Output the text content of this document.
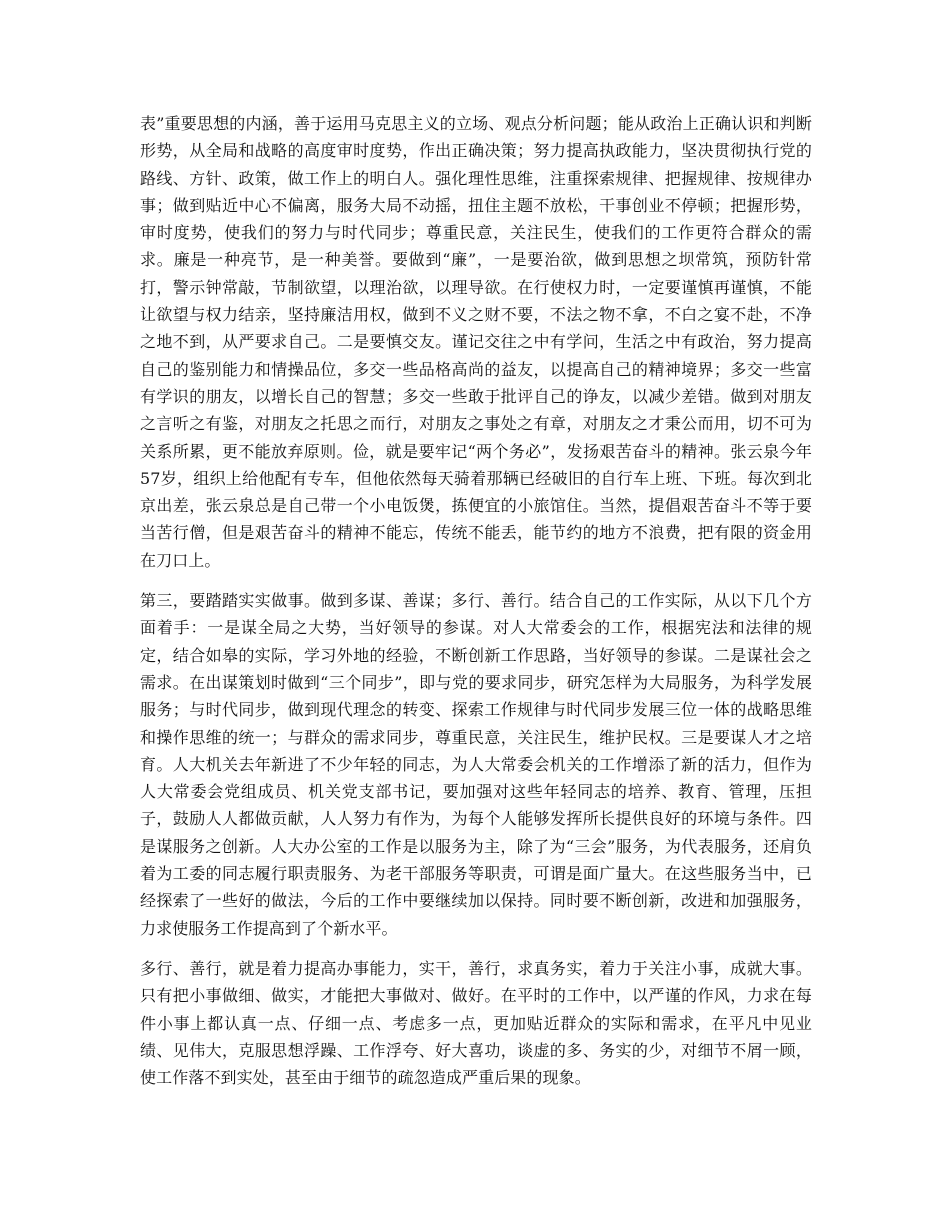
表”重要思想的内涵，善于运用马克思主义的立场、观点分析问题；能从政治上正确认识和判断形势，从全局和战略的高度审时度势，作出正确决策；努力提高执政能力，坚决贯彻执行党的路线、方针、政策，做工作上的明白人。强化理性思维，注重探索规律、把握规律、按规律办事；做到贴近中心不偏离，服务大局不动摇，扭住主题不放松，干事创业不停顿；把握形势，审时度势，使我们的努力与时代同步；尊重民意，关注民生，使我们的工作更符合群众的需求。廉是一种亮节，是一种美誉。要做到“廉”，一是要治欲，做到思想之坝常筑，预防针常打，警示钟常敲，节制欲望，以理治欲，以理导欲。在行使权力时，一定要谨慎再谨慎，不能让欲望与权力结亲，坚持廉洁用权，做到不义之财不要，不法之物不拿，不白之宴不赴，不净之地不到，从严要求自己。二是要慎交友。谨记交往之中有学问，生活之中有政治，努力提高自己的鉴别能力和情操品位，多交一些品格高尚的益友，以提高自己的精神境界；多交一些富有学识的朋友，以增长自己的智慧；多交一些敢于批评自己的诤友，以减少差错。做到对朋友之言听之有鉴，对朋友之托思之而行，对朋友之事处之有章，对朋友之才秉公而用，切不可为关系所累，更不能放弃原则。俭，就是要牢记“两个务必”，发扬艰苦奋斗的精神。张云泉今年57岁，组织上给他配有专车，但他依然每天骑着那辆已经破旧的自行车上班、下班。每次到北京出差，张云泉总是自己带一个小电饭煲，拣便宜的小旅馆住。当然，提倡艰苦奋斗不等于要当苦行僧，但是艰苦奋斗的精神不能忘，传统不能丢，能节约的地方不浪费，把有限的资金用在刀口上。

第三，要踏踏实实做事。做到多谋、善谋；多行、善行。结合自己的工作实际，从以下几个方面着手：一是谋全局之大势，当好领导的参谋。对人大常委会的工作，根据宪法和法律的规定，结合如皋的实际，学习外地的经验，不断创新工作思路，当好领导的参谋。二是谋社会之需求。在出谋策划时做到“三个同步”，即与党的要求同步，研究怎样为大局服务，为科学发展服务；与时代同步，做到现代理念的转变、探索工作规律与时代同步发展三位一体的战略思维和操作思维的统一；与群众的需求同步，尊重民意，关注民生，维护民权。三是要谋人才之培育。人大机关去年新进了不少年轻的同志，为人大常委会机关的工作增添了新的活力，但作为人大常委会党组成员、机关党支部书记，要加强对这些年轻同志的培养、教育、管理，压担子，鼓励人人都做贡献，人人努力有作为，为每个人能够发挥所长提供良好的环境与条件。四是谋服务之创新。人大办公室的工作是以服务为主，除了为“三会”服务，为代表服务，还肩负着为工委的同志履行职责服务、为老干部服务等职责，可谓是面广量大。在这些服务当中，已经探索了一些好的做法，今后的工作中要继续加以保持。同时要不断创新，改进和加强服务，力求使服务工作提高到了个新水平。

多行、善行，就是着力提高办事能力，实干，善行，求真务实，着力于关注小事，成就大事。只有把小事做细、做实，才能把大事做对、做好。在平时的工作中，以严谨的作风，力求在每件小事上都认真一点、仔细一点、考虑多一点，更加贴近群众的实际和需求，在平凡中见业绩、见伟大，克服思想浮躁、工作浮夸、好大喜功，谈虚的多、务实的少，对细节不屑一顾，使工作落不到实处，甚至由于细节的疏忽造成严重后果的现象。
